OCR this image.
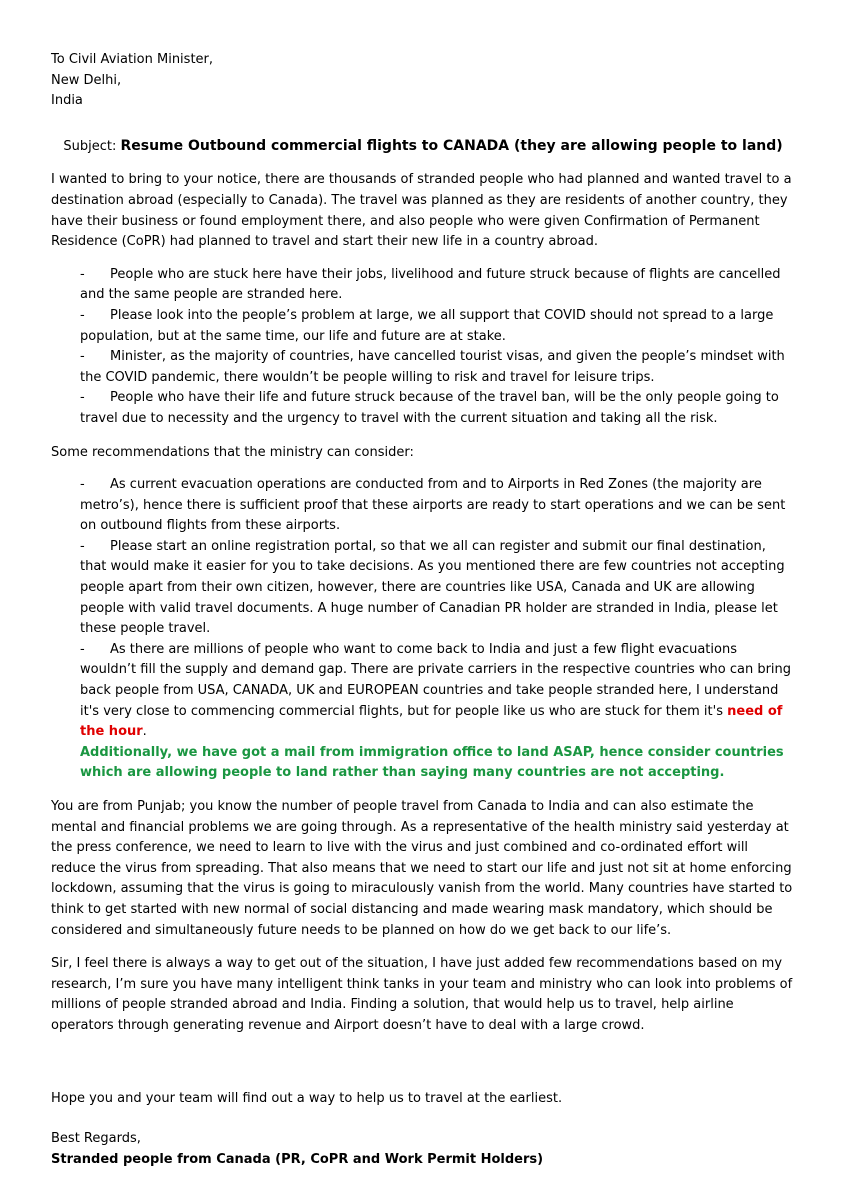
To Civil Aviation Minister,
New Delhi,
India
Subject: Resume Outbound commercial flights to CANADA (they are allowing people to land)

I wanted to bring to your notice, there are thousands of stranded people who had planned and wanted travel to a destination abroad (especially to Canada). The travel was planned as they are residents of another country, they have their business or found employment there, and also people who were given Confirmation of Permanent Residence (CoPR) had planned to travel and start their new life in a country abroad.

- People who are stuck here have their jobs, livelihood and future struck because of flights are cancelled and the same people are stranded here.
- Please look into the people’s problem at large, we all support that COVID should not spread to a large population, but at the same time, our life and future are at stake.
- Minister, as the majority of countries, have cancelled tourist visas, and given the people’s mindset with the COVID pandemic, there wouldn’t be people willing to risk and travel for leisure trips.
- People who have their life and future struck because of the travel ban, will be the only people going to travel due to necessity and the urgency to travel with the current situation and taking all the risk.

Some recommendations that the ministry can consider:

- As current evacuation operations are conducted from and to Airports in Red Zones (the majority are metro’s), hence there is sufficient proof that these airports are ready to start operations and we can be sent on outbound flights from these airports.
- Please start an online registration portal, so that we all can register and submit our final destination, that would make it easier for you to take decisions. As you mentioned there are few countries not accepting people apart from their own citizen, however, there are countries like USA, Canada and UK are allowing people with valid travel documents. A huge number of Canadian PR holder are stranded in India, please let these people travel.
- As there are millions of people who want to come back to India and just a few flight evacuations wouldn’t fill the supply and demand gap. There are private carriers in the respective countries who can bring back people from USA, CANADA, UK and EUROPEAN countries and take people stranded here, I understand it's very close to commencing commercial flights, but for people like us who are stuck for them it's need of the hour.
Additionally, we have got a mail from immigration office to land ASAP, hence consider countries which are allowing people to land rather than saying many countries are not accepting.

You are from Punjab; you know the number of people travel from Canada to India and can also estimate the mental and financial problems we are going through. As a representative of the health ministry said yesterday at the press conference, we need to learn to live with the virus and just combined and co-ordinated effort will reduce the virus from spreading. That also means that we need to start our life and just not sit at home enforcing lockdown, assuming that the virus is going to miraculously vanish from the world. Many countries have started to think to get started with new normal of social distancing and made wearing mask mandatory, which should be considered and simultaneously future needs to be planned on how do we get back to our life’s.

Sir, I feel there is always a way to get out of the situation, I have just added few recommendations based on my research, I’m sure you have many intelligent think tanks in your team and ministry who can look into problems of millions of people stranded abroad and India. Finding a solution, that would help us to travel, help airline operators through generating revenue and Airport doesn’t have to deal with a large crowd.

Hope you and your team will find out a way to help us to travel at the earliest.

Best Regards,
Stranded people from Canada (PR, CoPR and Work Permit Holders)
